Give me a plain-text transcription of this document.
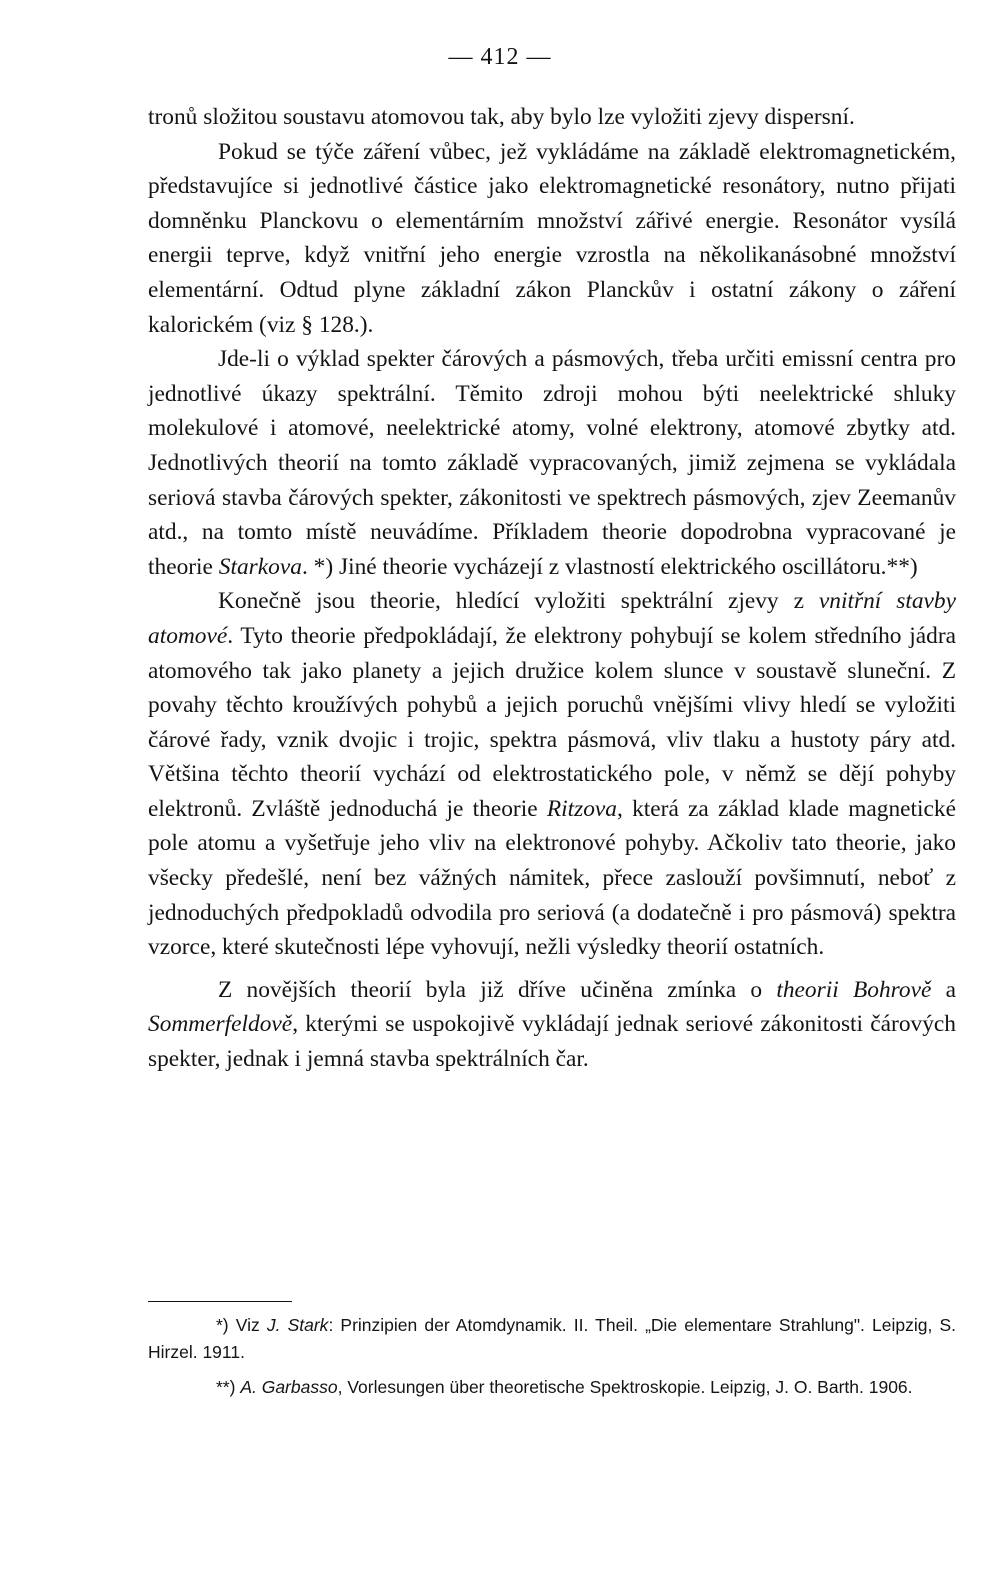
— 412 —

tronů složitou soustavu atomovou tak, aby bylo lze vyložiti zjevy dispersní.

Pokud se týče záření vůbec, jež vykládáme na základě elektromagnetickém, představujíce si jednotlivé částice jako elektromagnetické resonátory, nutno přijati domněnku Planckovu o elementárním množství zářivé energie. Resonátor vysílá energii teprve, když vnitřní jeho energie vzrostla na několikanásobné množství elementární. Odtud plyne základní zákon Planckův i ostatní zákony o záření kalorickém (viz § 128.).

Jde-li o výklad spekter čárových a pásmových, třeba určiti emissní centra pro jednotlivé úkazy spektrální. Těmito zdroji mohou býti neelektrické shluky molekulové i atomové, neelektrické atomy, volné elektrony, atomové zbytky atd. Jednotlivých theorií na tomto základě vypracovaných, jimiž zejmena se vykládala seriová stavba čárových spekter, zákonitosti ve spektrech pásmových, zjev Zeemanův atd., na tomto místě neuvádíme. Příkladem theorie dopodrobna vypracované je theorie Starkova. *) Jiné theorie vycházejí z vlastností elektrického oscillátoru.**)

Konečně jsou theorie, hledící vyložiti spektrální zjevy z vnitřní stavby atomové. Tyto theorie předpokládají, že elektrony pohybují se kolem středního jádra atomového tak jako planety a jejich družice kolem slunce v soustavě sluneční. Z povahy těchto kroužívých pohybů a jejich poruchů vnějšími vlivy hledí se vyložiti čárové řady, vznik dvojic i trojic, spektra pásmová, vliv tlaku a hustoty páry atd. Většina těchto theorií vychází od elektrostatického pole, v němž se dějí pohyby elektronů. Zvláště jednoduchá je theorie Ritzova, která za základ klade magnetické pole atomu a vyšetřuje jeho vliv na elektronové pohyby. Ačkoliv tato theorie, jako všecky předešlé, není bez vážných námitek, přece zaslouží povšimnutí, neboť z jednoduchých předpokladů odvodila pro seriová (a dodatečně i pro pásmová) spektra vzorce, které skutečnosti lépe vyhovují, nežli výsledky theorií ostatních.

Z novějších theorií byla již dříve učiněna zmínka o theorii Bohrově a Sommerfeldově, kterými se uspokojivě vykládají jednak seriové zákonitosti čárových spekter, jednak i jemná stavba spektrálních čar.

*) Viz J. Stark: Prinzipien der Atomdynamik. II. Theil. „Die elementare Strahlung". Leipzig, S. Hirzel. 1911.

**) A. Garbasso, Vorlesungen über theoretische Spektroskopie. Leipzig, J. O. Barth. 1906.
